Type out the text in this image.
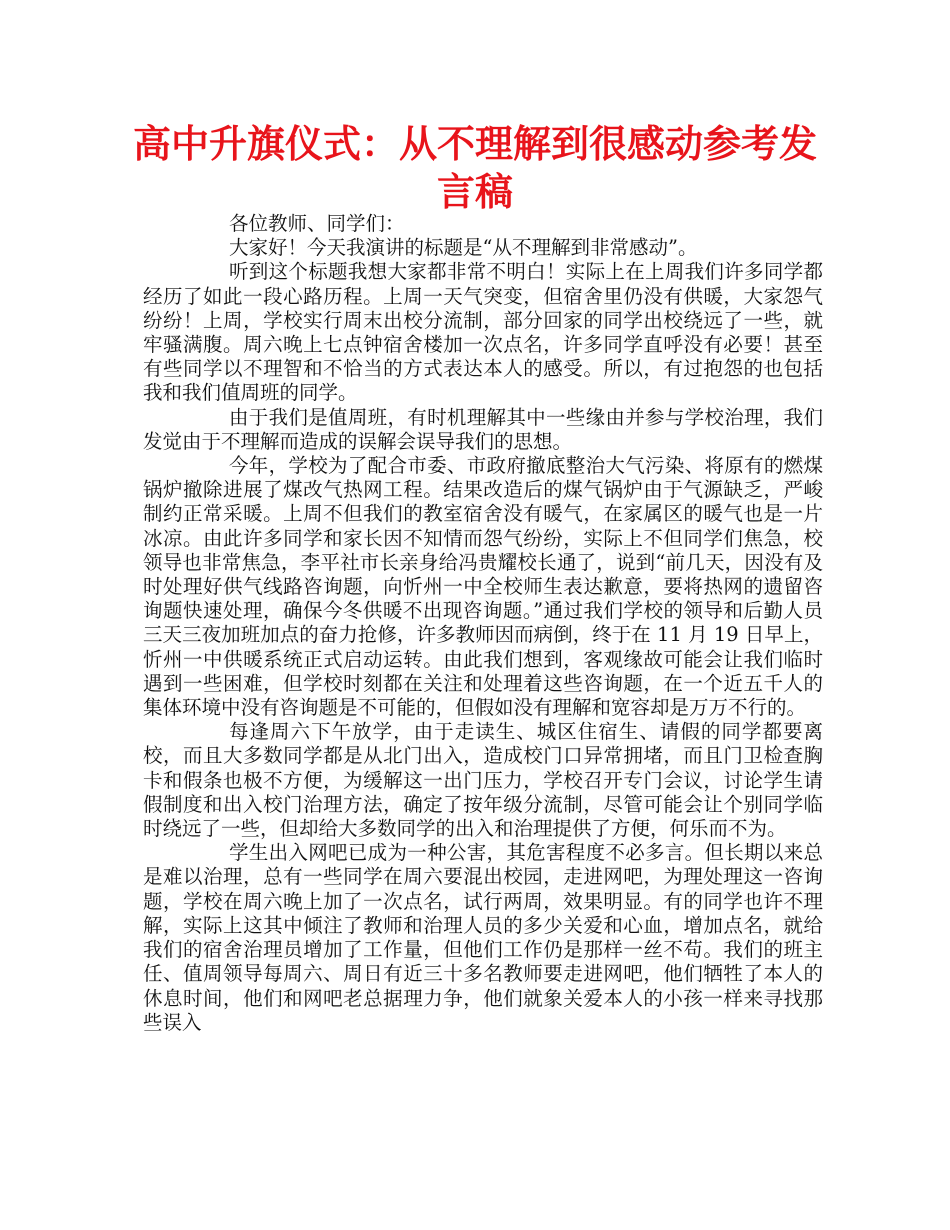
高中升旗仪式：从不理解到很感动参考发言稿

各位教师、同学们：

大家好！今天我演讲的标题是“从不理解到非常感动”。

听到这个标题我想大家都非常不明白！实际上在上周我们许多同学都经历了如此一段心路历程。上周一天气突变，但宿舍里仍没有供暖，大家怨气纷纷！上周，学校实行周末出校分流制，部分回家的同学出校绕远了一些，就牢骚满腹。周六晚上七点钟宿舍楼加一次点名，许多同学直呼没有必要！甚至有些同学以不理智和不恰当的方式表达本人的感受。所以，有过抱怨的也包括我和我们值周班的同学。

由于我们是值周班，有时机理解其中一些缘由并参与学校治理，我们发觉由于不理解而造成的误解会误导我们的思想。

今年，学校为了配合市委、市政府撤底整治大气污染、将原有的燃煤锅炉撤除进展了煤改气热网工程。结果改造后的煤气锅炉由于气源缺乏，严峻制约正常采暖。上周不但我们的教室宿舍没有暖气，在家属区的暖气也是一片冰凉。由此许多同学和家长因不知情而怨气纷纷，实际上不但同学们焦急，校领导也非常焦急，李平社市长亲身给冯贵耀校长通了，说到“前几天，因没有及时处理好供气线路咨询题，向忻州一中全校师生表达歉意，要将热网的遗留咨询题快速处理，确保今冬供暖不出现咨询题。”通过我们学校的领导和后勤人员三天三夜加班加点的奋力抢修，许多教师因而病倒，终于在 11 月 19 日早上，忻州一中供暖系统正式启动运转。由此我们想到，客观缘故可能会让我们临时遇到一些困难，但学校时刻都在关注和处理着这些咨询题，在一个近五千人的集体环境中没有咨询题是不可能的，但假如没有理解和宽容却是万万不行的。

每逢周六下午放学，由于走读生、城区住宿生、请假的同学都要离校，而且大多数同学都是从北门出入，造成校门口异常拥堵，而且门卫检查胸卡和假条也极不方便，为缓解这一出门压力，学校召开专门会议，讨论学生请假制度和出入校门治理方法，确定了按年级分流制，尽管可能会让个别同学临时绕远了一些，但却给大多数同学的出入和治理提供了方便，何乐而不为。

学生出入网吧已成为一种公害，其危害程度不必多言。但长期以来总是难以治理，总有一些同学在周六要混出校园，走进网吧，为理处理这一咨询题，学校在周六晚上加了一次点名，试行两周，效果明显。有的同学也许不理解，实际上这其中倾注了教师和治理人员的多少关爱和心血，增加点名，就给我们的宿舍治理员增加了工作量，但他们工作仍是那样一丝不苟。我们的班主任、值周领导每周六、周日有近三十多名教师要走进网吧，他们牺牲了本人的休息时间，他们和网吧老总据理力争，他们就象关爱本人的小孩一样来寻找那些误入
